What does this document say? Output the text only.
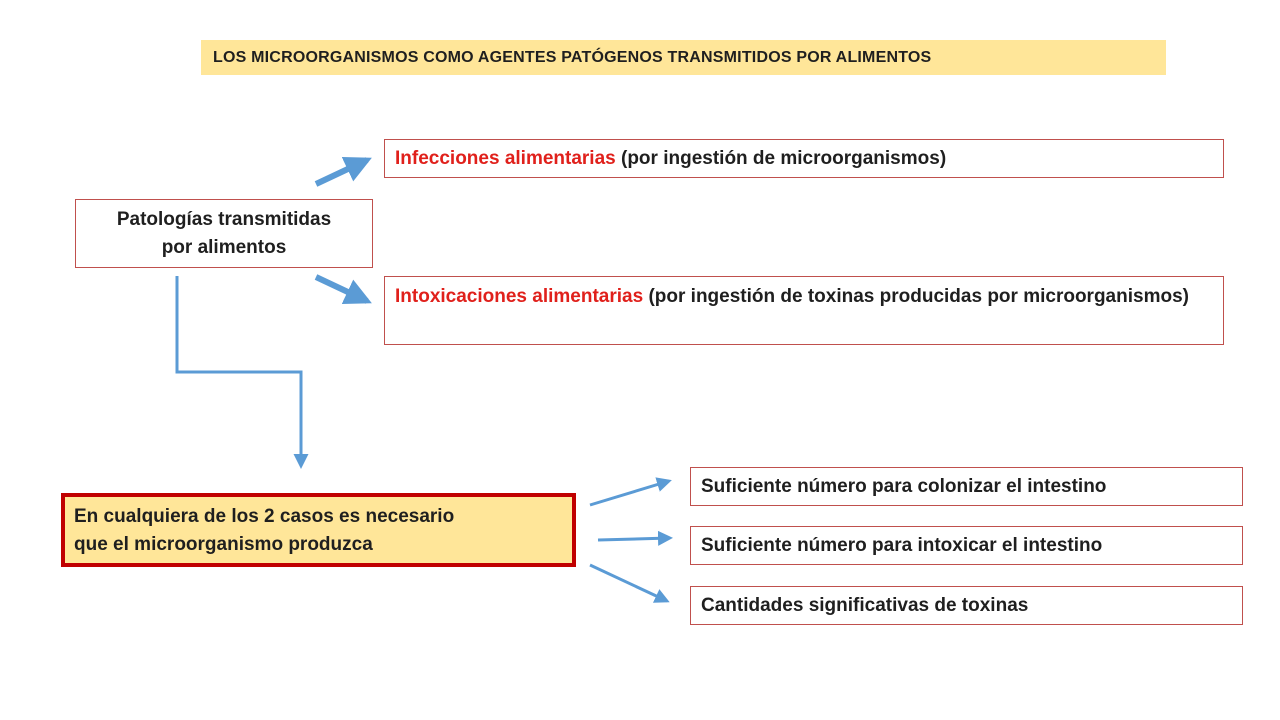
LOS MICROORGANISMOS COMO AGENTES PATÓGENOS TRANSMITIDOS POR ALIMENTOS
Patologías transmitidas
por alimentos
Infecciones alimentarias (por ingestión de microorganismos)
Intoxicaciones alimentarias (por ingestión de toxinas producidas por microorganismos)
En cualquiera de los 2 casos es necesario
que el microorganismo produzca
Suficiente número para colonizar el intestino
Suficiente número para intoxicar el intestino
Cantidades significativas de toxinas
